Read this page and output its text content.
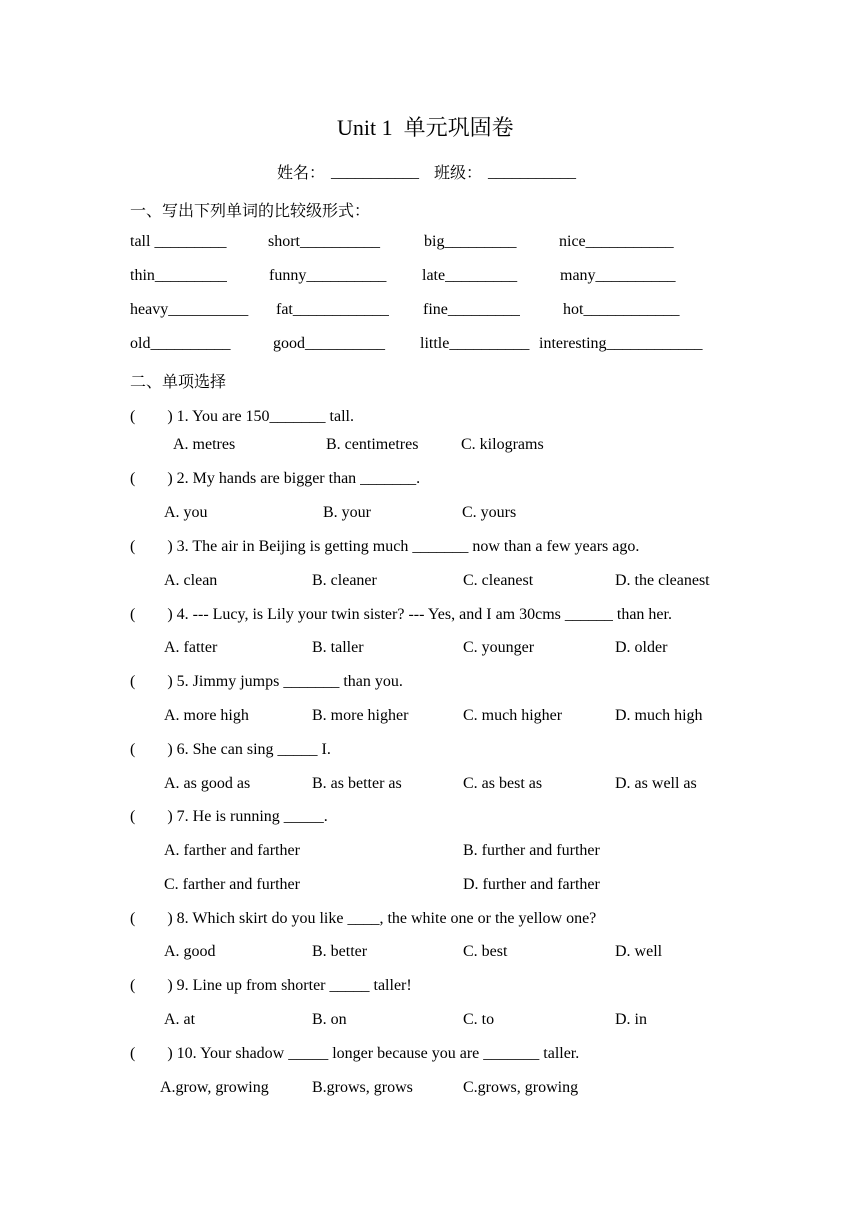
Unit 1  单元巩固卷
姓名： ___________ 班级： ___________
一、写出下列单词的比较级形式：
tall _________	short__________	big_________	nice___________
thin_________	funny__________ late_________	many__________
heavy__________ fat____________ fine_________	hot____________
old__________	good__________ little__________ interesting____________
二、单项选择
(        ) 1. You are 150_______ tall.
A. metres	B. centimetres	C. kilograms
(        ) 2. My hands are bigger than _______.
A. you	B. your	C. yours
(        ) 3. The air in Beijing is getting much _______ now than a few years ago.
A. clean	B. cleaner	C. cleanest	D. the cleanest
(        ) 4. --- Lucy, is Lily your twin sister? --- Yes, and I am 30cms ______ than her.
A. fatter	B. taller	C. younger	D. older
(        ) 5. Jimmy jumps _______ than you.
A. more high	B. more higher	C. much higher	D. much high
(        ) 6. She can sing _____ I.
A. as good as	B. as better as	C. as best as	D. as well as
(        ) 7. He is running _____.
A. farther and farther	B. further and further
C. farther and further	D. further and farther
(        ) 8. Which skirt do you like ____, the white one or the yellow one?
A. good	B. better	C. best	D. well
(        ) 9. Line up from shorter _____ taller!
A. at	B. on	C. to	D. in
(        ) 10. Your shadow _____ longer because you are _______ taller.
A.grow, growing	B.grows, grows	C.grows, growing
